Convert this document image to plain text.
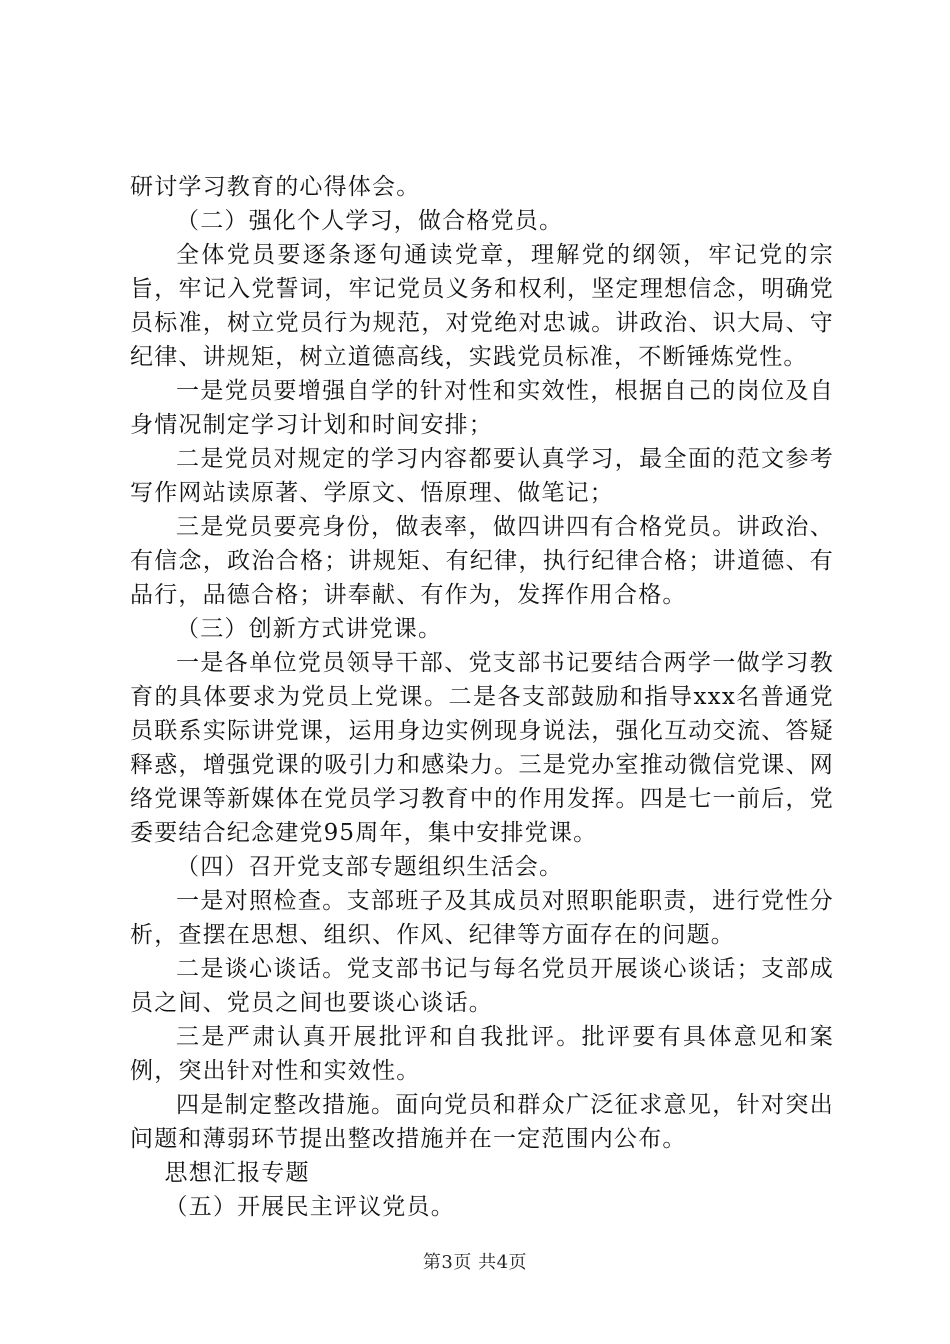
研讨学习教育的心得体会。

（二）强化个人学习，做合格党员。

全体党员要逐条逐句通读党章，理解党的纲领，牢记党的宗旨，牢记入党誓词，牢记党员义务和权利，坚定理想信念，明确党员标准，树立党员行为规范，对党绝对忠诚。讲政治、识大局、守纪律、讲规矩，树立道德高线，实践党员标准，不断锤炼党性。

一是党员要增强自学的针对性和实效性，根据自己的岗位及自身情况制定学习计划和时间安排；

二是党员对规定的学习内容都要认真学习，最全面的范文参考写作网站读原著、学原文、悟原理、做笔记；

三是党员要亮身份，做表率，做四讲四有合格党员。讲政治、有信念，政治合格；讲规矩、有纪律，执行纪律合格；讲道德、有品行，品德合格；讲奉献、有作为，发挥作用合格。

（三）创新方式讲党课。

一是各单位党员领导干部、党支部书记要结合两学一做学习教育的具体要求为党员上党课。二是各支部鼓励和指导xxx名普通党员联系实际讲党课，运用身边实例现身说法，强化互动交流、答疑释惑，增强党课的吸引力和感染力。三是党办室推动微信党课、网络党课等新媒体在党员学习教育中的作用发挥。四是七一前后，党委要结合纪念建党95周年，集中安排党课。

（四）召开党支部专题组织生活会。

一是对照检查。支部班子及其成员对照职能职责，进行党性分析，查摆在思想、组织、作风、纪律等方面存在的问题。

二是谈心谈话。党支部书记与每名党员开展谈心谈话；支部成员之间、党员之间也要谈心谈话。

三是严肃认真开展批评和自我批评。批评要有具体意见和案例，突出针对性和实效性。

四是制定整改措施。面向党员和群众广泛征求意见，针对突出问题和薄弱环节提出整改措施并在一定范围内公布。

思想汇报专题

（五）开展民主评议党员。

第3页 共4页
